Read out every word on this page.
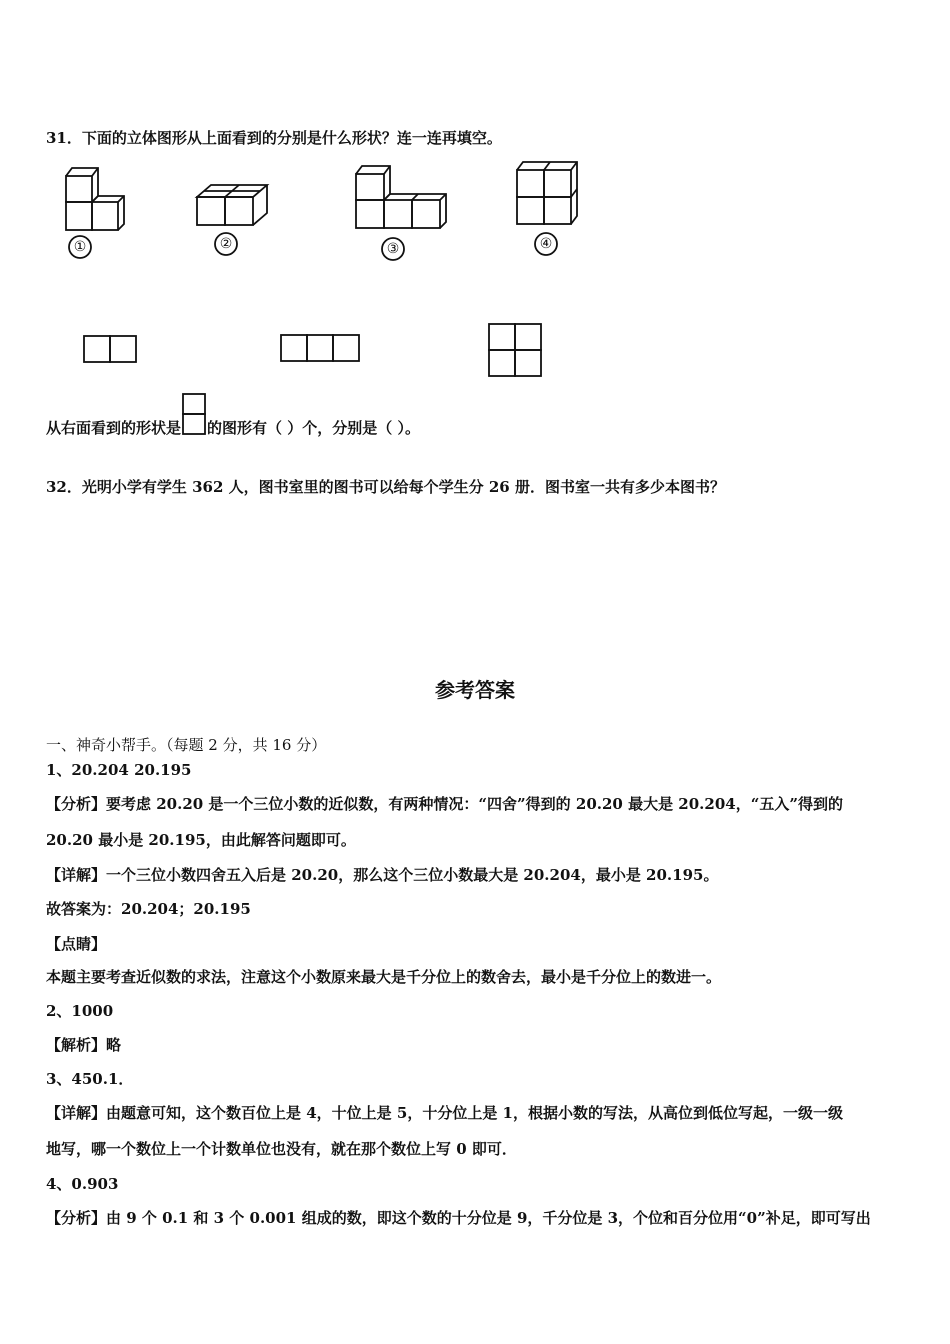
31．下面的立体图形从上面看到的分别是什么形状？连一连再填空。
从右面看到的形状是 的图形有（ ）个，分别是（ ）。
32．光明小学有学生 362 人，图书室里的图书可以给每个学生分 26 册．图书室一共有多少本图书？
参考答案
一、神奇小帮手。（每题 2 分，共 16 分）
1、20.204 20.195
【分析】要考虑 20.20 是一个三位小数的近似数，有两种情况：“四舍”得到的 20.20 最大是 20.204，“五入”得到的
20.20 最小是 20.195，由此解答问题即可。
【详解】一个三位小数四舍五入后是 20.20，那么这个三位小数最大是 20.204，最小是 20.195。
故答案为：20.204；20.195
【点睛】
本题主要考查近似数的求法，注意这个小数原来最大是千分位上的数舍去，最小是千分位上的数进一。
2、1000
【解析】略
3、450.1．
【详解】由题意可知，这个数百位上是 4，十位上是 5，十分位上是 1，根据小数的写法，从高位到低位写起，一级一级
地写，哪一个数位上一个计数单位也没有，就在那个数位上写 0 即可．
4、0.903
【分析】由 9 个 0.1 和 3 个 0.001 组成的数，即这个数的十分位是 9，千分位是 3，个位和百分位用“0”补足，即可写出
①	②	③	④
